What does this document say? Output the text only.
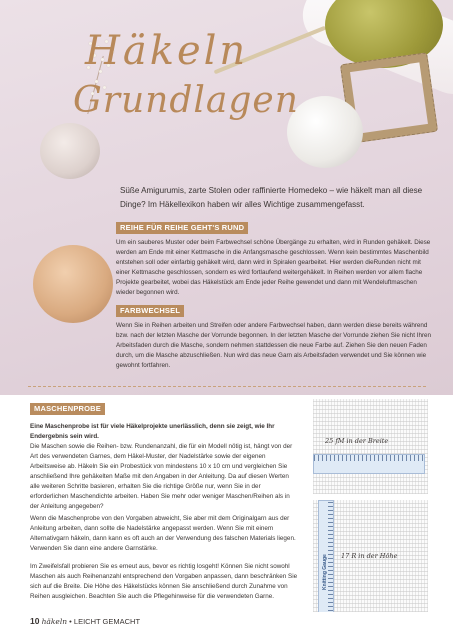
Häkeln
Grundlagen

Süße Amigurumis, zarte Stolen oder raffinierte Homedeko – wie häkelt man all diese Dinge? Im Häkellexikon haben wir alles Wichtige zusammengefasst.

REIHE FÜR REIHE GEHT'S RUND

Um ein sauberes Muster oder beim Farbwechsel schöne Übergänge zu erhalten, wird in Runden gehäkelt. Diese werden am Ende mit einer Kettmasche in die Anfangsmasche geschlossen. Wenn kein bestimmtes Maschenbild entstehen soll oder einfarbig gehäkelt wird, dann wird in Spiralen gearbeitet. Hier werden dieRunden nicht mit einer Kettmasche geschlossen, sondern es wird fortlaufend weitergehäkelt. In Reihen werden vor allem flache Projekte gearbeitet, wobei das Häkelstück am Ende jeder Reihe gewendet und dann mit Wendeluftmaschen wieder begonnen wird.

FARBWECHSEL

Wenn Sie in Reihen arbeiten und Streifen oder andere Farbwechsel haben, dann werden diese bereits während bzw. nach der letzten Masche der Vorrunde begonnen. In der letzten Masche der Vorrunde ziehen Sie nicht Ihren Arbeitsfaden durch die Masche, sondern nehmen stattdessen die neue Farbe auf. Ziehen Sie den neuen Faden durch, um die Masche abzuschließen. Nun wird das neue Garn als Arbeitsfaden verwendet und Sie können wie gewohnt fortfahren.

MASCHENPROBE

Eine Maschenprobe ist für viele Häkelprojekte unerlässlich, denn sie zeigt, wie Ihr Endergebnis sein wird.

Die Maschen sowie die Reihen- bzw. Rundenanzahl, die für ein Modell nötig ist, hängt von der Art des verwendeten Garnes, dem Häkel-Muster, der Nadelstärke sowie der eigenen Arbeitsweise ab. Häkeln Sie ein Probestück von mindestens 10 x 10 cm und vergleichen Sie anschließend Ihre gehäkelten Maße mit den Angaben in der Anleitung. Da auf diesen Werten alle weiteren Schritte basieren, erhalten Sie die richtige Größe nur, wenn Sie in der erforderlichen Maschendichte arbeiten. Haben Sie mehr oder weniger Maschen/Reihen als in der Anleitung angegeben?

Wenn die Maschenprobe von den Vorgaben abweicht, Sie aber mit dem Originalgarn aus der Anleitung arbeiten, dann sollte die Nadelstärke angepasst werden. Wenn Sie mit einem Alternativgarn häkeln, dann kann es oft auch an der Verwendung des falschen Materials liegen. Verwenden Sie dann eine andere Garnstärke.

Im Zweifelsfall probieren Sie es erneut aus, bevor es richtig losgeht! Können Sie nicht sowohl Maschen als auch Reihenanzahl entsprechend den Vorgaben anpassen, dann beschränken Sie sich auf die Breite. Die Höhe des Häkelstücks können Sie anschließend durch Zunahme von Reihen ausgleichen. Beachten Sie auch die Pflegehinweise für die verwendeten Garne.

25 fM in der Breite
Knitting Gauge 17 R in der Höhe
10 häkeln • LEICHT GEMACHT
